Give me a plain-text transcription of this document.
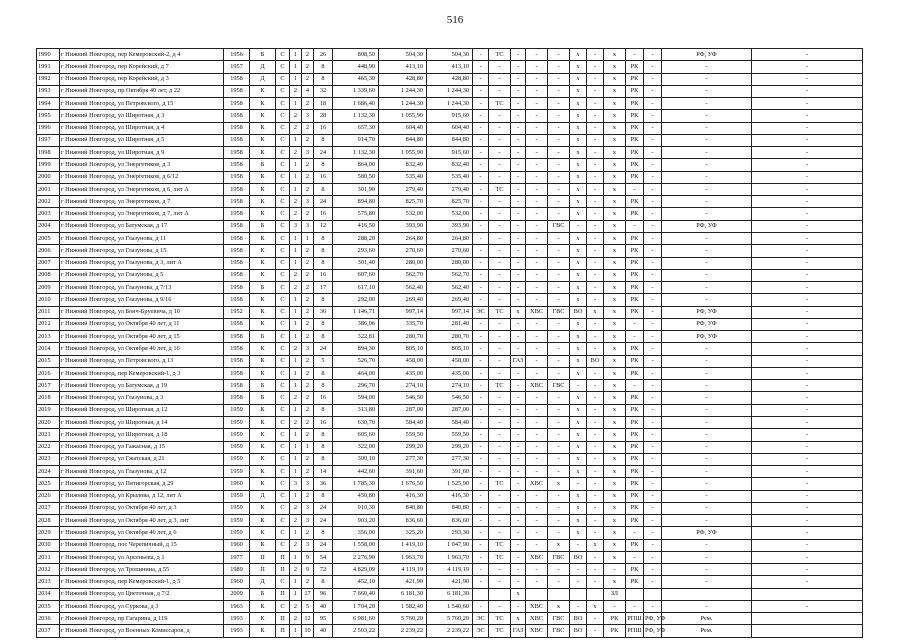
516
1990	г Нижний Новгород, пер Кемеровский-2, д 4	1956	Б	С	1	2	26	808,50	504,30	504,30	-	ТС	-	-	-	х	-	х	-	-	РФ, УФ	-
1991	г Нижний Новгород, пер Корейский, д 7	1957	Д	С	1	2	8	448,90	413,10	413,10	-	-	-	-	-	х	-	х	РК	-	-	-
1992	г Нижний Новгород, пер Корейский, д 3	1958	Д	С	1	2	8	465,30	428,80	428,80	-	-	-	-	-	х	-	х	РК	-	-	-
1993	г Нижний Новгород, пр Октября 40 лет, д 22	1958	К	С	2	4	32	1 339,60	1 244,30	1 244,30	-	-	-	-	-	х	-	х	РК	-	-	-
1994	г Нижний Новгород, ул Петровского, д 15	1958	К	С	1	2	18	1 686,40	1 244,30	1 244,30	-	ТС	-	-	-	х	-	х	РК	-	-	-
1995	г Нижний Новгород, ул Широтная, д 3	1958	К	С	2	3	28	1 132,30	1 055,90	915,60	-	-	-	-	-	х	-	х	РК	-	-	-
1996	г Нижний Новгород, ул Широтная, д 4	1958	К	С	2	2	16	657,30	604,40	604,40	-	-	-	-	-	х	-	х	РК	-	-	-
1997	г Нижний Новгород, ул Широтная, д 5	1958	К	С	1	2	8	914,70	844,80	844,80	-	-	-	-	-	х	-	х	РК	-	-	-
1998	г Нижний Новгород, ул Широтная, д 9	1958	К	С	2	3	24	1 132,30	1 055,90	915,60	-	-	-	-	-	х	-	х	РК	-	-	-
1999	г Нижний Новгород, ул Энергетиков, д 3	1958	Б	С	1	2	8	864,00	832,40	832,40	-	-	-	-	-	х	-	х	РК	-	-	-
2000	г Нижний Новгород, ул Энергетиков, д 6/12	1958	К	С	1	2	16	580,50	535,40	535,40	-	-	-	-	-	х	-	х	РК	-	-	-
2001	г Нижний Новгород, ул Энергетиков, д 6, лит А	1958	К	С	1	2	8	301,90	279,40	279,40	-	ТС	-	-	-	х	-	х	-	-	-	-
2002	г Нижний Новгород, ул Энергетиков, д 7	1958	К	С	2	3	24	894,80	825,70	825,70	-	-	-	-	-	х	-	х	РК	-	-	-
2003	г Нижний Новгород, ул Энергетиков, д 7, лит А	1958	К	С	2	2	16	575,80	532,00	532,00	-	-	-	-	-	х	-	х	РК	-	-	-
2004	г Нижний Новгород, ул Батумская, д 17	1958	Б	С	3	3	12	416,50	393,90	393,90	-	-	-	-	ГВС	-	-	х	-	-	РФ, УФ	-
2005	г Нижний Новгород, ул Глазунова, д 11	1958	К	С	1	1	8	288,20	264,80	264,80	-	-	-	-	-	х	-	х	РК	-	-	-
2006	г Нижний Новгород, ул Глазунова, д 15	1958	К	С	1	2	8	293,60	270,60	270,60	-	-	-	-	-	х	-	х	РК	-	-	-
2007	г Нижний Новгород, ул Глазунова, д 3, лит А	1958	К	С	1	2	8	301,40	280,00	280,00	-	-	-	-	-	х	-	х	РК	-	-	-
2008	г Нижний Новгород, ул Глазунова, д 5	1958	К	С	2	2	16	607,60	562,70	562,70	-	-	-	-	-	х	-	х	РК	-	-	-
2009	г Нижний Новгород, ул Глазунова, д 7/13	1958	Б	С	2	2	17	617,10	562,40	562,40	-	-	-	-	-	х	-	х	РК	-	-	-
2010	г Нижний Новгород, ул Глазунова, д 9/16	1958	К	С	1	2	8	292,00	269,40	269,40	-	-	-	-	-	х	-	х	РК	-	-	-
2011	г Нижний Новгород, ул Бонч-Бруевича, д 10	1952	К	С	1	2	36	1 146,71	997,14	997,14	ЭС	ТС	х	ХВС	ГВС	ВО	х	х	РК	-	РФ, УФ	-
2012	г Нижний Новгород, ул Октября 40 лет, д 11	1958	К	С	1	2	8	386,06	335,70	281,40	-	-	-	-	-	х	-	х	-	-	РФ, УФ	-
2013	г Нижний Новгород, ул Октября 40 лет, д 15	1958	Б	С	1	2	8	322,81	280,70	280,70	-	-	-	-	-	х	-	х	-	-	РФ, УФ	-
2014	г Нижний Новгород, ул Октября 40 лет, д 16	1958	К	С	2	3	24	894,30	805,10	805,10	-	-	-	-	-	х	-	х	РК	-	-	-
2015	г Нижний Новгород, ул Петровского, д 13	1958	К	С	1	2	5	526,70	458,00	458,00	-	-	ГАЗ	-	-	х	ВО	х	РК	-	-	-
2016	г Нижний Новгород, пер Кемеровский-1, д 3	1958	К	С	1	2	8	464,00	435,00	435,00	-	-	-	-	-	х	-	х	РК	-	-	-
2017	г Нижний Новгород, ул Батумская, д 19	1958	Б	С	1	2	8	296,70	274,10	274,10	-	ТС	-	ХВС	ГВС	-	-	х	-	-	-	-
2018	г Нижний Новгород, ул Глазунова, д 3	1958	Б	С	2	2	16	594,00	546,50	546,50	-	-	-	-	-	х	-	х	РК	-	-	-
2019	г Нижний Новгород, ул Широтная, д 12	1959	К	С	1	2	8	313,80	287,00	287,00	-	-	-	-	-	х	-	х	РК	-	-	-
2020	г Нижний Новгород, ул Широтная, д 14	1959	К	С	2	2	16	630,70	584,40	584,40	-	-	-	-	-	х	-	х	РК	-	-	-
2021	г Нижний Новгород, ул Широтная, д 18	1959	К	С	1	2	8	605,60	559,50	559,50	-	-	-	-	-	х	-	х	РК	-	-	-
2022	г Нижний Новгород, ул Гажасная, д 15	1959	К	С	1	1	8	322,00	299,20	299,20	-	-	-	-	-	х	-	х	РК	-	-	-
2023	г Нижний Новгород, ул Гжатская, д 21	1959	К	С	1	2	8	300,10	277,30	277,30	-	-	-	-	-	х	-	х	РК	-	-	-
2024	г Нижний Новгород, ул Глазунова, д 12	1959	К	С	1	2	14	442,60	391,60	391,60	-	-	-	-	-	х	-	х	РК	-	-	-
2025	г Нижний Новгород, ул Пятигорская, д 29	1960	К	С	3	3	36	1 785,30	1 676,50	1 525,90	-	ТС	-	ХВС	х	-	-	х	РК	-	-	-
2026	г Нижний Новгород, ул Крылова, д 12, лит А	1959	Д	С	1	2	8	450,80	416,30	416,30	-	-	-	-	-	х	-	х	РК	-	-	-
2027	г Нижний Новгород, ул Октября 40 лет, д 3	1959	К	С	2	3	24	910,30	840,80	840,80	-	-	-	-	-	х	-	х	РК	-	-	-
2028	г Нижний Новгород, ул Октября 40 лет, д 3, лит	1959	К	С	2	3	24	903,20	836,60	836,60	-	-	-	-	-	х	-	х	РК	-	-	-
2029	г Нижний Новгород, ул Октября 40 лет, д 6	1959	К	С	1	2	8	356,00	325,20	293,30	-	-	-	-	-	х	-	х	-	-	РФ, УФ	-
2030	г Нижний Новгород, пос Черепичный, д 15	1960	К	С	2	3	24	1 558,00	1 419,10	1 047,90	-	ТС	-	-	х	-	х	х	РК	-	-	-
2031	г Нижний Новгород, ул Арсеньева, д 1	1977	П	П	1	9	54	2 276,90	1 963,70	1 963,70	-	ТС	-	ХВС	ГВС	ВО	-	х	-	-	-	-
2032	г Нижний Новгород, ул Тропинина, д 55	1989	П	П	2	9	72	4 829,09	4 119,19	4 119,19	-	-	-	-	-	-	-	-	РК	-	-	-
2033	г Нижний Новгород, пер Кемеровский-1, д 5	1960	Д	С	1	2	8	452,10	421,90	421,90	-	-	-	-	-	-	-	х	РК	-	-	-
2034	г Нижний Новгород, ул Цветочная, д 7/2	2009	Б	П	1	17	96	7 660,40	6 181,30	6 181,30			х					ЗЛ				
2035	г Нижний Новгород, ул Суркова, д 3	1963	К	С	2	5	40	1 704,20	1 582,40	1 540,60	-	-	-	ХВС	х	-	х	-	-	-	-	-
2036	г Нижний Новгород, пр Гагарина, д 119	1993	К	П	2	12	95	6 981,60	5 760,20	5 760,20	ЭС	ТС	х	ХВС	ГВС	ВО	-	РК	РПШ	РФ, УФ	Рем.	
2037	г Нижний Новгород, ул Военных Комиссаров, д	1993	К	П	1	10	40	2 503,22	2 239,22	2 239,22	ЭС	ТС	ГАЗ	ХВС	ГВС	ВО	-	РК	РПШ	РФ, УФ	Рем.	
